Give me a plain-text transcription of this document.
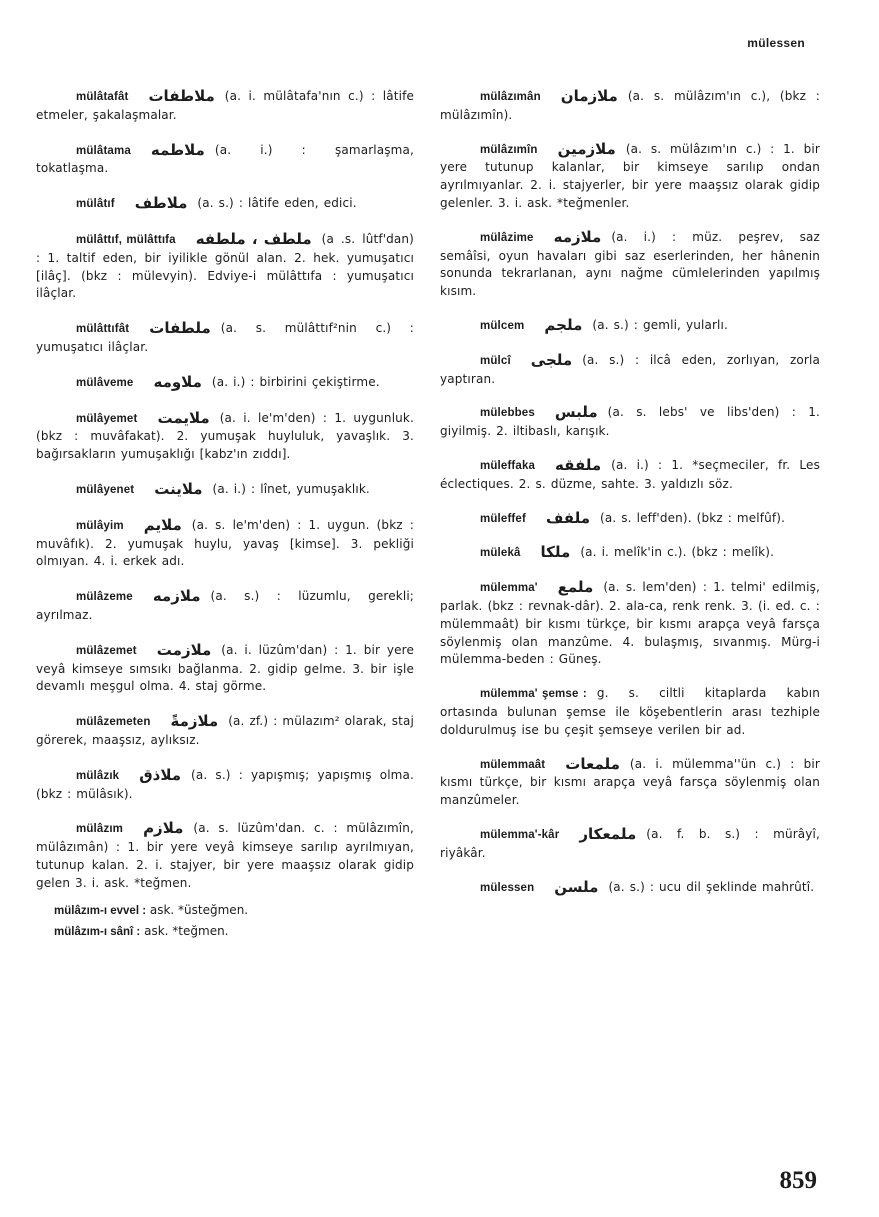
mülessen

mülâtafât ملاطفات (a. i. mülâtafa'nın c.) : lâtife etmeler, şakalaşmalar.

mülâtama ملاطمه (a. i.) : şamarlaşma, tokatlaşma.

mülâtıf ملاطف (a. s.) : lâtife eden, edici.

mülâttıf, mülâttıfa ملطف ، ملطفه (a .s. lûtf'dan) : 1. taltif eden, bir iyilikle gönül alan. 2. hek. yumuşatıcı [ilâç]. (bkz : mülevyin). Edviye-i mülâttıfa : yumuşatıcı ilâçlar.

mülâttıfât ملطفات (a. s. mülâttıf²nin c.) : yumuşatıcı ilâçlar.

mülâveme ملاومه (a. i.) : birbirini çekiştirme.

mülâyemet ملايمت (a. i. le'm'den) : 1. uygunluk. (bkz : muvâfakat). 2. yumuşak huyluluk, yavaşlık. 3. bağırsakların yumuşaklığı [kabz'ın zıddı].

mülâyenet ملاينت (a. i.) : lînet, yumuşaklık.

mülâyim ملايم (a. s. le'm'den) : 1. uygun. (bkz : muvâfık). 2. yumuşak huylu, yavaş [kimse]. 3. pekliği olmıyan. 4. i. erkek adı.

mülâzeme ملازمه (a. s.) : lüzumlu, gerekli; ayrılmaz.

mülâzemet ملازمت (a. i. lüzûm'dan) : 1. bir yere veyâ kimseye sımsıkı bağlanma. 2. gidip gelme. 3. bir işle devamlı meşgul olma. 4. staj görme.

mülâzemeten ملازمةً (a. zf.) : mülazım² olarak, staj görerek, maaşsız, aylıksız.

mülâzık ملاذق (a. s.) : yapışmış; yapışmış olma. (bkz : mülâsık).

mülâzım ملازم (a. s. lüzûm'dan. c. : mülâzımîn, mülâzımân) : 1. bir yere veyâ kimseye sarılıp ayrılmıyan, tutunup kalan. 2. i. stajyer, bir yere maaşsız olarak gidip gelen 3. i. ask. *teğmen.

mülâzım-ı evvel : ask. *üsteğmen.
mülâzım-ı sânî : ask. *teğmen.

mülâzımân ملازمان (a. s. mülâzım'ın c.), (bkz : mülâzımîn).

mülâzımîn ملازمين (a. s. mülâzım'ın c.) : 1. bir yere tutunup kalanlar, bir kimseye sarılıp ondan ayrılmıyanlar. 2. i. stajyerler, bir yere maaşsız olarak gidip gelenler. 3. i. ask. *teğmenler.

mülâzime ملازمه (a. i.) : müz. peşrev, saz semâîsi, oyun havaları gibi saz eserlerinden, her hânenin sonunda tekrarlanan, aynı nağme cümlelerinden yapılmış kısım.

mülcem ملجم (a. s.) : gemli, yularlı.

mülcî ملجى (a. s.) : ilcâ eden, zorlıyan, zorla yaptıran.

mülebbes ملبس (a. s. lebs' ve libs'den) : 1. giyilmiş. 2. iltibaslı, karışık.

müleffaka ملفقه (a. i.) : 1. *seçmeciler, fr. Les éclectiques. 2. s. düzme, sahte. 3. yaldızlı söz.

müleffef ملفف (a. s. leff'den). (bkz : melfûf).

mülekâ ملكا (a. i. melîk'in c.). (bkz : melîk).

mülemma' ملمع (a. s. lem'den) : 1. telmi' edilmiş, parlak. (bkz : revnak-dâr). 2. ala-ca, renk renk. 3. (i. ed. c. : mülemmaât) bir kısmı türkçe, bir kısmı arapça veyâ farsça söylenmiş olan manzûme. 4. bulaşmış, sıvanmış. Mürg-i mülemma-beden : Güneş.

mülemma' şemse : g. s. ciltli kitaplarda kabın ortasında bulunan şemse ile köşebentlerin arası tezhiple doldurulmuş ise bu çeşit şemseye verilen bir ad.

mülemmaât ملمعات (a. i. mülemma''ün c.) : bir kısmı türkçe, bir kısmı arapça veyâ farsça söylenmiş olan manzûmeler.

mülemma'-kâr ملمعكار (a. f. b. s.) : mürâyî, riyâkâr.

mülessen ملسن (a. s.) : ucu dil şeklinde mahrûtî.

859
